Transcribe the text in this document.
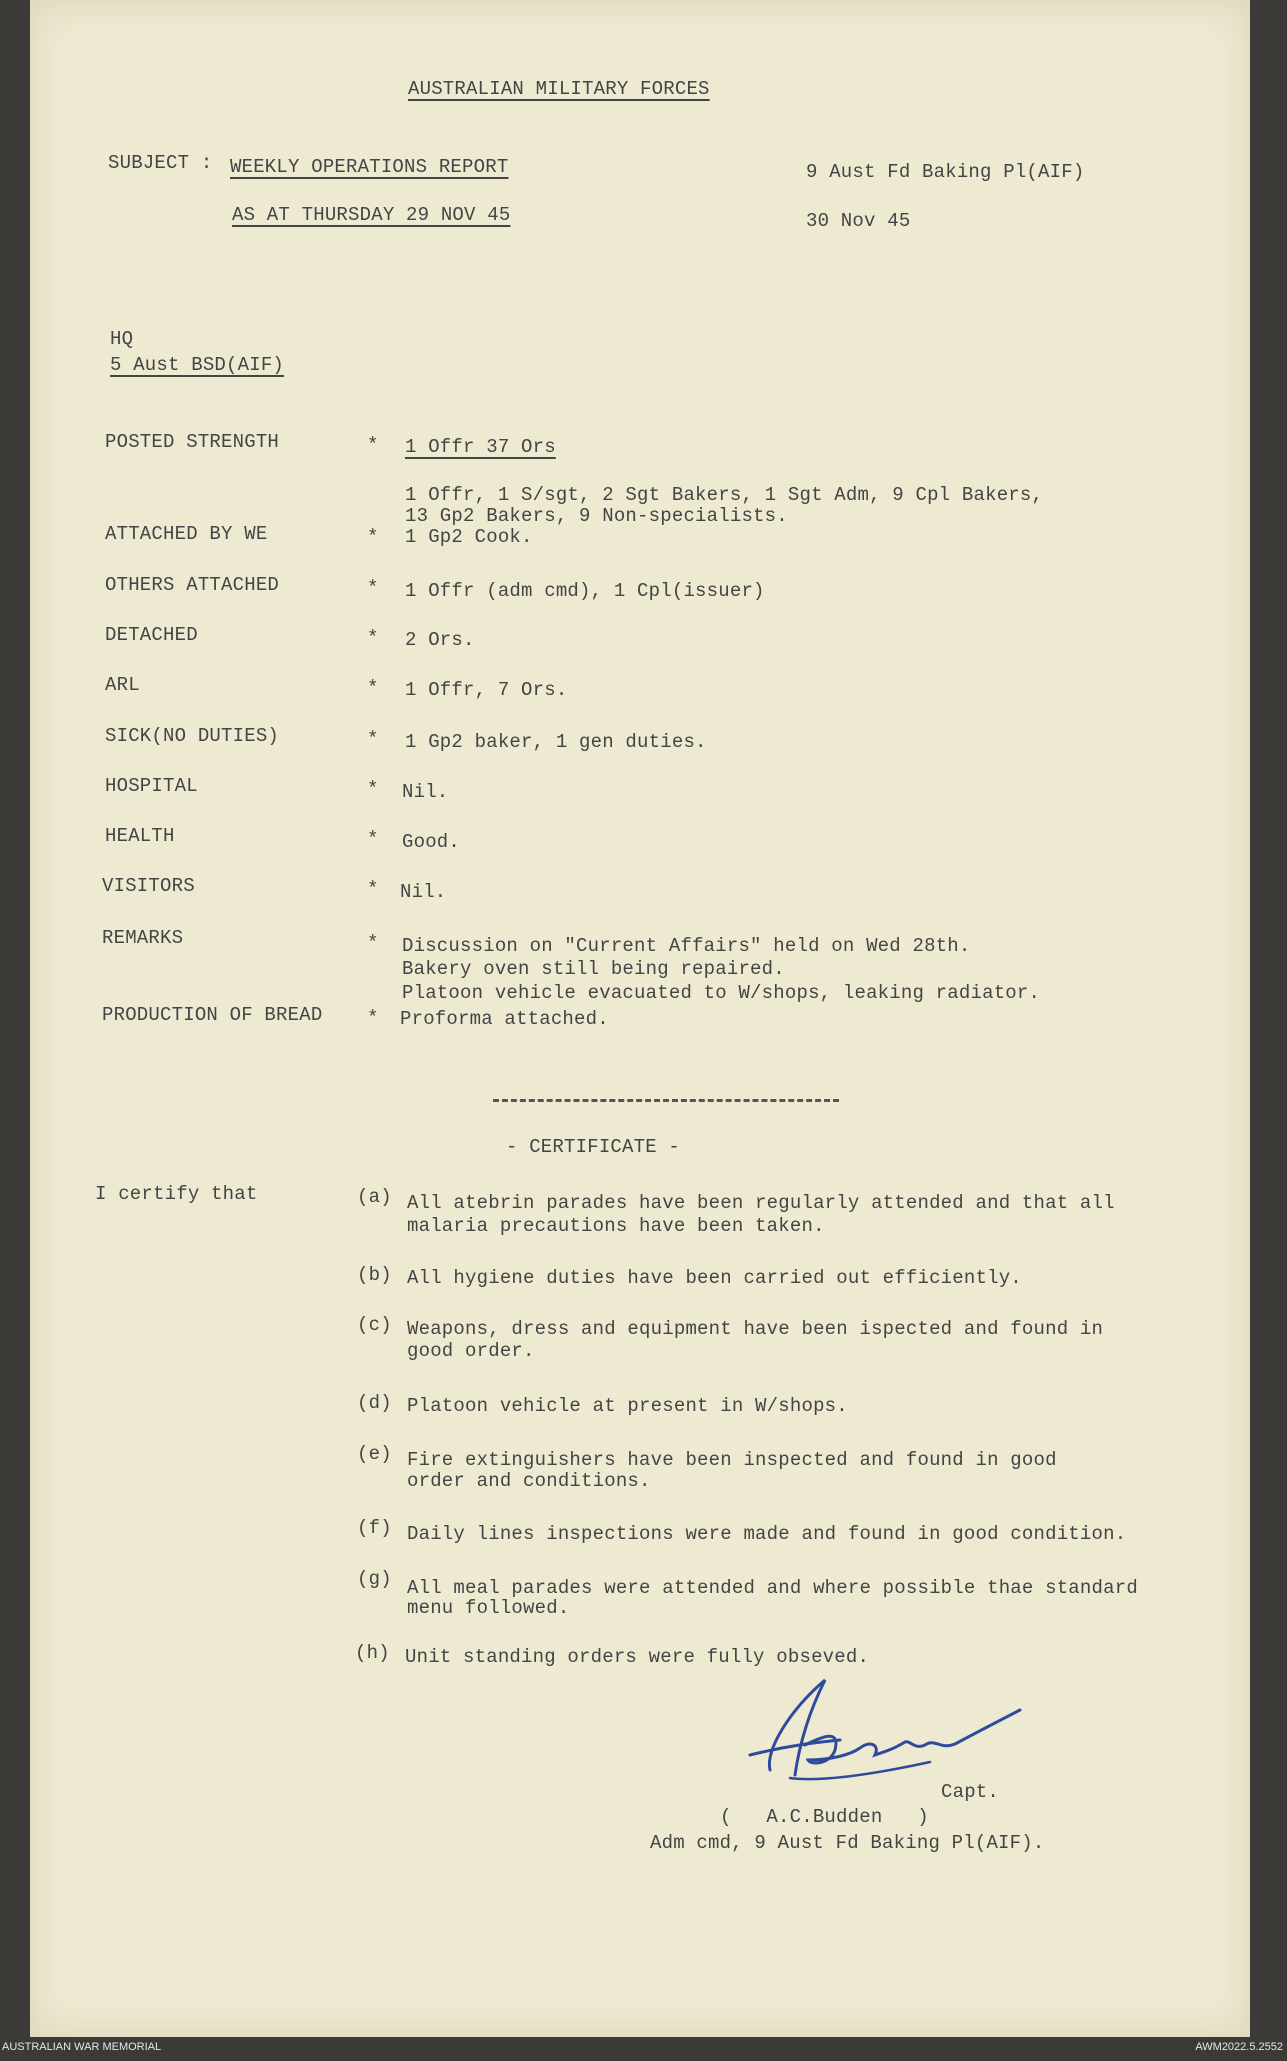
AUSTRALIAN MILITARY FORCES
SUBJECT : WEEKLY OPERATIONS REPORT
AS AT THURSDAY 29 NOV 45
9 Aust Fd Baking Pl(AIF)
30 Nov 45
HQ
5 Aust BSD(AIF)
POSTED STRENGTH	* 1 Offr 37 Ors
1 Offr, 1 S/sgt, 2 Sgt Bakers, 1 Sgt Adm, 9 Cpl Bakers,
13 Gp2 Bakers, 9 Non-specialists.
ATTACHED BY WE	* 1 Gp2 Cook.
OTHERS ATTACHED	* 1 Offr (adm cmd), 1 Cpl(issuer)
DETACHED	* 2 Ors.
ARL	* 1 Offr, 7 Ors.
SICK(NO DUTIES)	* 1 Gp2 baker, 1 gen duties.
HOSPITAL	* Nil.
HEALTH	* Good.
VISITORS	* Nil.
REMARKS	* Discussion on "Current Affairs" held on Wed 28th.
Bakery oven still being repaired.
Platoon vehicle evacuated to W/shops, leaking radiator.
PRODUCTION OF BREAD * Proforma attached.
- CERTIFICATE -
I certify that	(a) All atebrin parades have been regularly attended and that all
malaria precautions have been taken.
(b) All hygiene duties have been carried out efficiently.
(c) Weapons, dress and equipment have been ispected and found in
good order.
(d) Platoon vehicle at present in W/shops.
(e) Fire extinguishers have been inspected and found in good
order and conditions.
(f) Daily lines inspections were made and found in good condition.
(g) All meal parades were attended and where possible thae standard
menu followed.
(h) Unit standing orders were fully obseved.
Capt.
(   A.C.Budden   )
Adm cmd, 9 Aust Fd Baking Pl(AIF).
AUSTRALIAN WAR MEMORIAL	AWM2022.5.2552
